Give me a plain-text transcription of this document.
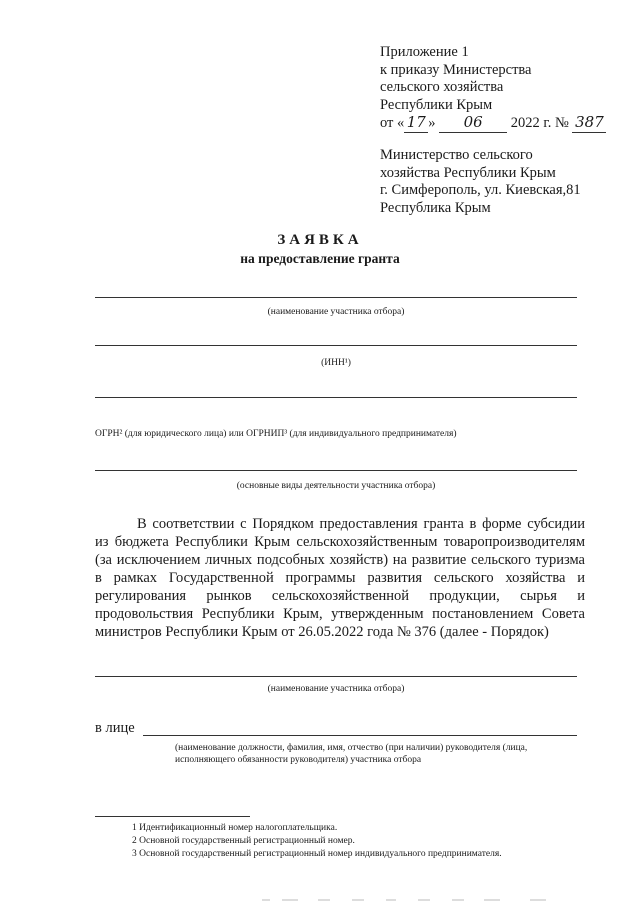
Приложение 1
к приказу Министерства
сельского хозяйства
Республики Крым
от « 17 » 06 2022 г. № 387
Министерство сельского
хозяйства Республики Крым
г. Симферополь, ул. Киевская,81
Республика Крым
ЗАЯВКА
на предоставление гранта
(наименование участника отбора)
(ИНН¹)
ОГРН² (для юридического лица) или ОГРНИП³ (для индивидуального предпринимателя)
(основные виды деятельности участника отбора)
В соответствии с Порядком предоставления гранта в форме субсидии из бюджета Республики Крым сельскохозяйственным товаропроизводителям (за исключением личных подсобных хозяйств) на развитие сельского туризма в рамках Государственной программы развития сельского хозяйства и регулирования рынков сельскохозяйственной продукции, сырья и продовольствия Республики Крым, утвержденным постановлением Совета министров Республики Крым от 26.05.2022 года № 376 (далее - Порядок)
(наименование участника отбора)
в лице
(наименование должности, фамилия, имя, отчество (при наличии) руководителя (лица,
исполняющего обязанности руководителя) участника отбора
1 Идентификационный номер налогоплательщика.
2 Основной государственный регистрационный номер.
3 Основной государственный регистрационный номер индивидуального предпринимателя.
